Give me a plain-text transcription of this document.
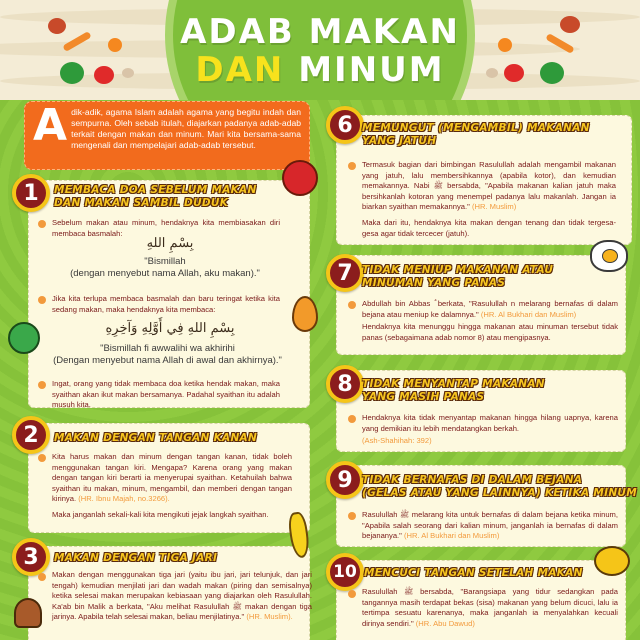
ADAB MAKAN
DAN MINUM
A dik-adik, agama Islam adalah agama yang begitu indah dan sempurna. Oleh sebab itulah, diajarkan padanya adab-adab terkait dengan makan dan minum. Mari kita bersama-sama mengenali dan mempelajari adab-adab tersebut.
1	MEMBACA DOA SEBELUM MAKAN
DAN MAKAN SAMBIL DUDUK
Sebelum makan atau minum, hendaknya kita membiasakan diri membaca basmalah:
بِسْمِ اللهِ
"Bismillah
(dengan menyebut nama Allah, aku makan)."
Jika kita terlupa membaca basmalah dan baru teringat ketika kita sedang makan, maka hendaknya kita membaca:
بِسْمِ اللهِ فِي أَوَّلِهِ وَآخِرِهِ
"Bismillah fi awwalihi wa akhirihi
(Dengan menyebut nama Allah di awal dan akhirnya)."
Ingat, orang yang tidak membaca doa ketika hendak makan, maka syaithan akan ikut makan bersamanya. Padahal syaithan itu adalah musuh kita.
2	MAKAN DENGAN TANGAN KANAN
Kita harus makan dan minum dengan tangan kanan, tidak boleh menggunakan tangan kiri. Mengapa? Karena orang yang makan dengan tangan kiri berarti ia menyerupai syaithan. Ketahuilah bahwa syaithan itu makan, minum, mengambil, dan memberi dengan tangan kirinya. (HR. Ibnu Majah, no.3266).
Maka janganlah sekali-kali kita mengikuti jejak langkah syaithan.
3	MAKAN DENGAN TIGA JARI
Makan dengan menggunakan tiga jari (yaitu ibu jari, jari telunjuk, dan jari tengah) kemudian menjilati jari dan wadah makan (piring dan semisalnya) ketika selesai makan merupakan kebiasaan yang diajarkan oleh Rasulullah. Ka'ab bin Malik a berkata, "Aku melihat Rasulullah ﷺ makan dengan tiga jarinya. Apabila telah selesai makan, beliau menjilatinya." (HR. Muslim).
6 MEMUNGUT (MENGAMBIL) MAKANAN
YANG JATUH
Termasuk bagian dari bimbingan Rasulullah adalah mengambil makanan yang jatuh, lalu membersihkannya (apabila kotor), dan kemudian memakannya. Nabi ﷺ bersabda, "Apabila makanan kalian jatuh maka bersihkanlah kotoran yang menempel padanya lalu makanlah. Jangan ia biarkan syaithan memakannya." (HR. Muslim)
Maka dari itu, hendaknya kita makan dengan tenang dan tidak tergesa-gesa agar tidak tercecer (jatuh).
7 TIDAK MENIUP MAKANAN ATAU
MINUMAN YANG PANAS
Abdullah bin Abbas ؓ berkata, "Rasulullah n melarang bernafas di dalam bejana atau meniup ke dalamnya." (HR. Al Bukhari dan Muslim)
Hendaknya kita menunggu hingga makanan atau minuman tersebut tidak panas (sebagaimana adab nomor 8) atau mengipasnya.
8 TIDAK MENYANTAP MAKANAN
YANG MASIH PANAS
Hendaknya kita tidak menyantap makanan hingga hilang uapnya, karena yang demikian itu lebih mendatangkan berkah.
(Ash-Shahihah: 392)
9 TIDAK BERNAFAS DI DALAM BEJANA
(GELAS ATAU YANG LAINNYA) KETIKA MINUM
Rasulullah ﷺ melarang kita untuk bernafas di dalam bejana ketika minum, "Apabila salah seorang dari kalian minum, janganlah ia bernafas di dalam bejananya." (HR. Al Bukhari dan Muslim)
10 MENCUCI TANGAN SETELAH MAKAN
Rasulullah ﷺ bersabda, "Barangsiapa yang tidur sedangkan pada tangannya masih terdapat bekas (sisa) makanan yang belum dicuci, lalu ia tertimpa sesuatu karenanya, maka janganlah ia menyalahkan kecuali dirinya sendiri." (HR. Abu Dawud)
